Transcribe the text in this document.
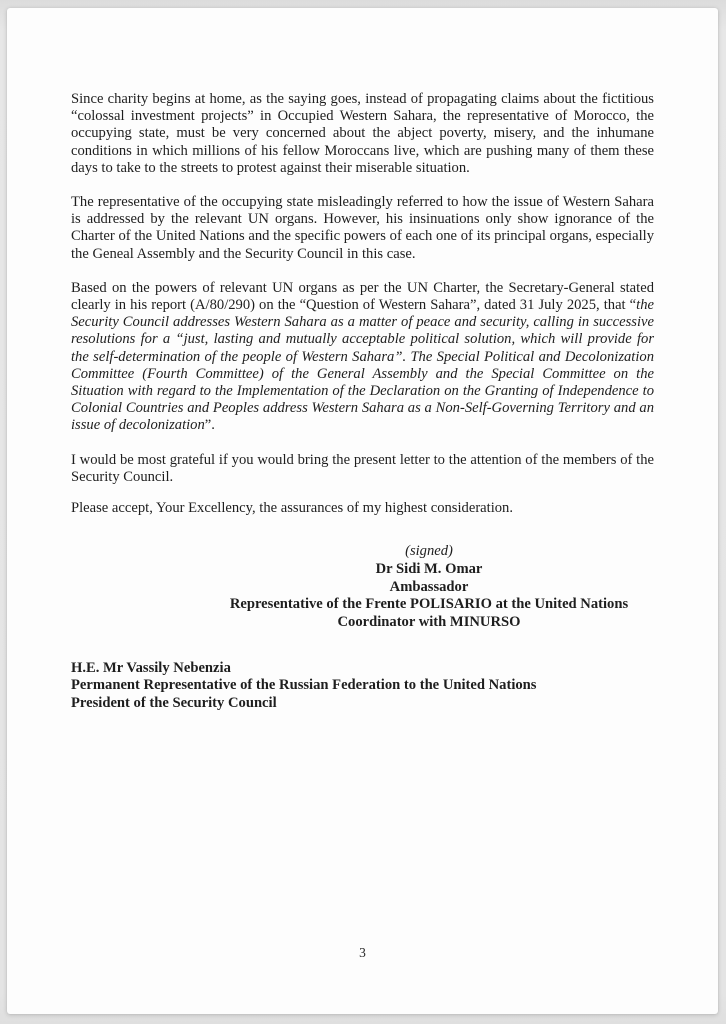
Since charity begins at home, as the saying goes, instead of propagating claims about the fictitious “colossal investment projects” in Occupied Western Sahara, the representative of Morocco, the occupying state, must be very concerned about the abject poverty, misery, and the inhumane conditions in which millions of his fellow Moroccans live, which are pushing many of them these days to take to the streets to protest against their miserable situation.

The representative of the occupying state misleadingly referred to how the issue of Western Sahara is addressed by the relevant UN organs. However, his insinuations only show ignorance of the Charter of the United Nations and the specific powers of each one of its principal organs, especially the Geneal Assembly and the Security Council in this case.

Based on the powers of relevant UN organs as per the UN Charter, the Secretary-General stated clearly in his report (A/80/290) on the “Question of Western Sahara”, dated 31 July 2025, that “the Security Council addresses Western Sahara as a matter of peace and security, calling in successive resolutions for a “just, lasting and mutually acceptable political solution, which will provide for the self-determination of the people of Western Sahara”. The Special Political and Decolonization Committee (Fourth Committee) of the General Assembly and the Special Committee on the Situation with regard to the Implementation of the Declaration on the Granting of Independence to Colonial Countries and Peoples address Western Sahara as a Non-Self-Governing Territory and an issue of decolonization”.

I would be most grateful if you would bring the present letter to the attention of the members of the Security Council.

Please accept, Your Excellency, the assurances of my highest consideration.

(signed)
Dr Sidi M. Omar
Ambassador
Representative of the Frente POLISARIO at the United Nations
Coordinator with MINURSO
H.E. Mr Vassily Nebenzia
Permanent Representative of the Russian Federation to the United Nations
President of the Security Council
3
